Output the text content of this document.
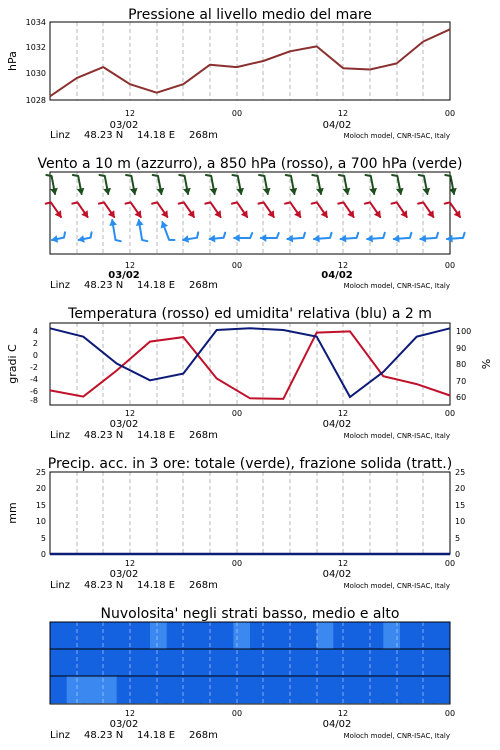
Pressione al livello medio del mare
hPa
1028
1030
1032
1034
12	00	12	00
03/02	04/02
Linz 48.23 N 14.18 E 268m	Moloch model, CNR-ISAC, Italy
Vento a 10 m (azzurro), a 850 hPa (rosso), a 700 hPa (verde)
12	00	12	00
03/02	04/02
Linz 48.23 N 14.18 E 268m	Moloch model, CNR-ISAC, Italy
Temperatura (rosso) ed umidita' relativa (blu) a 2 m
gradi C	%
4
2
0
-2
-4
-6
-8
100
90
80
70
60
12	00	12	00
03/02	04/02
Linz 48.23 N 14.18 E 268m	Moloch model, CNR-ISAC, Italy
Precip. acc. in 3 ore: totale (verde), frazione solida (tratt.)
mm
25
20
15
10
5
0
25
20
15
10
5
0
12	00	12	00
03/02	04/02
Linz 48.23 N 14.18 E 268m	Moloch model, CNR-ISAC, Italy
Nuvolosita' negli strati basso, medio e alto
12	00	12	00
03/02	04/02
Linz 48.23 N 14.18 E 268m	Moloch model, CNR-ISAC, Italy
